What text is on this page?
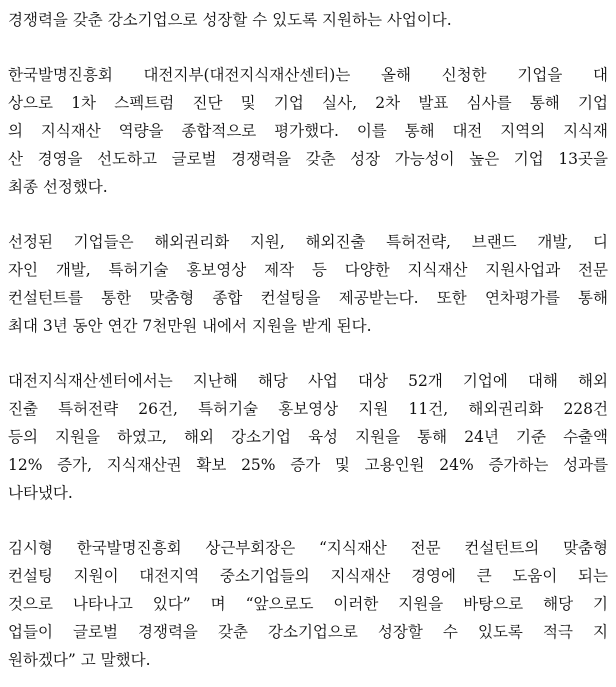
경쟁력을 갖춘 강소기업으로 성장할 수 있도록 지원하는 사업이다.
한국발명진흥회 대전지부(대전지식재산센터)는 올해 신청한 기업을 대
상으로 1차 스펙트럼 진단 및 기업 실사, 2차 발표 심사를 통해 기업
의 지식재산 역량을 종합적으로 평가했다. 이를 통해 대전 지역의 지식재
산 경영을 선도하고 글로벌 경쟁력을 갖춘 성장 가능성이 높은 기업 13곳을
최종 선정했다.
선정된 기업들은 해외권리화 지원, 해외진출 특허전략, 브랜드 개발, 디
자인 개발, 특허기술 홍보영상 제작 등 다양한 지식재산 지원사업과 전문
컨설턴트를 통한 맞춤형 종합 컨설팅을 제공받는다. 또한 연차평가를 통해
최대 3년 동안 연간 7천만원 내에서 지원을 받게 된다.
대전지식재산센터에서는 지난해 해당 사업 대상 52개 기업에 대해 해외
진출 특허전략 26건, 특허기술 홍보영상 지원 11건, 해외권리화 228건
등의 지원을 하였고, 해외 강소기업 육성 지원을 통해 24년 기준 수출액
12% 증가, 지식재산권 확보 25% 증가 및 고용인원 24% 증가하는 성과를
나타냈다.
김시형 한국발명진흥회 상근부회장은 “지식재산 전문 컨설턴트의 맞춤형
컨설팅 지원이 대전지역 중소기업들의 지식재산 경영에 큰 도움이 되는
것으로 나타나고 있다” 며 “앞으로도 이러한 지원을 바탕으로 해당 기
업들이 글로벌 경쟁력을 갖춘 강소기업으로 성장할 수 있도록 적극 지
원하겠다” 고 말했다.
